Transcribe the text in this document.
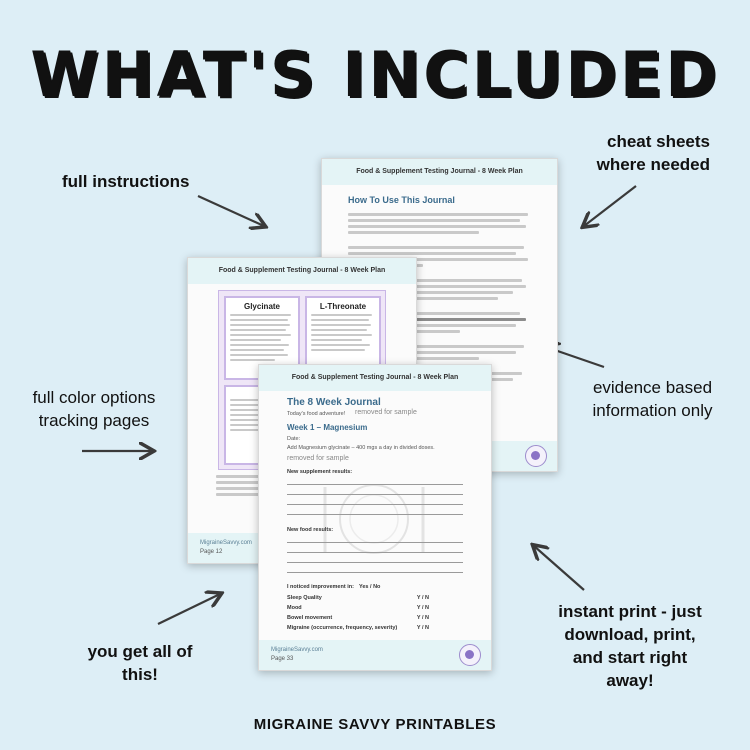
WHAT'S INCLUDED
full instructions
cheat sheets
where needed
full color options
tracking pages
evidence based
information only
you get all of
this!
instant print - just
download, print,
and start right
away!
Food & Supplement Testing Journal - 8 Week Plan
How To Use This Journal
Food & Supplement Testing Journal - 8 Week Plan
Glycinate	L-Threonate
MigraineSavvy.com
Page 12
Food & Supplement Testing Journal - 8 Week Plan
The 8 Week Journal
Today's food adventure! removed for sample
Week 1 – Magnesium
Date:
Add Magnesium glycinate – 400 mgs a day in divided doses.
removed for sample
New supplement results:
New food results:
I noticed improvement in: Yes / No
Sleep Quality	Y / N
Mood	Y / N
Bowel movement	Y / N
Migraine (occurrence, frequency, severity)	Y / N
MigraineSavvy.com
Page 33
MIGRAINE SAVVY PRINTABLES
